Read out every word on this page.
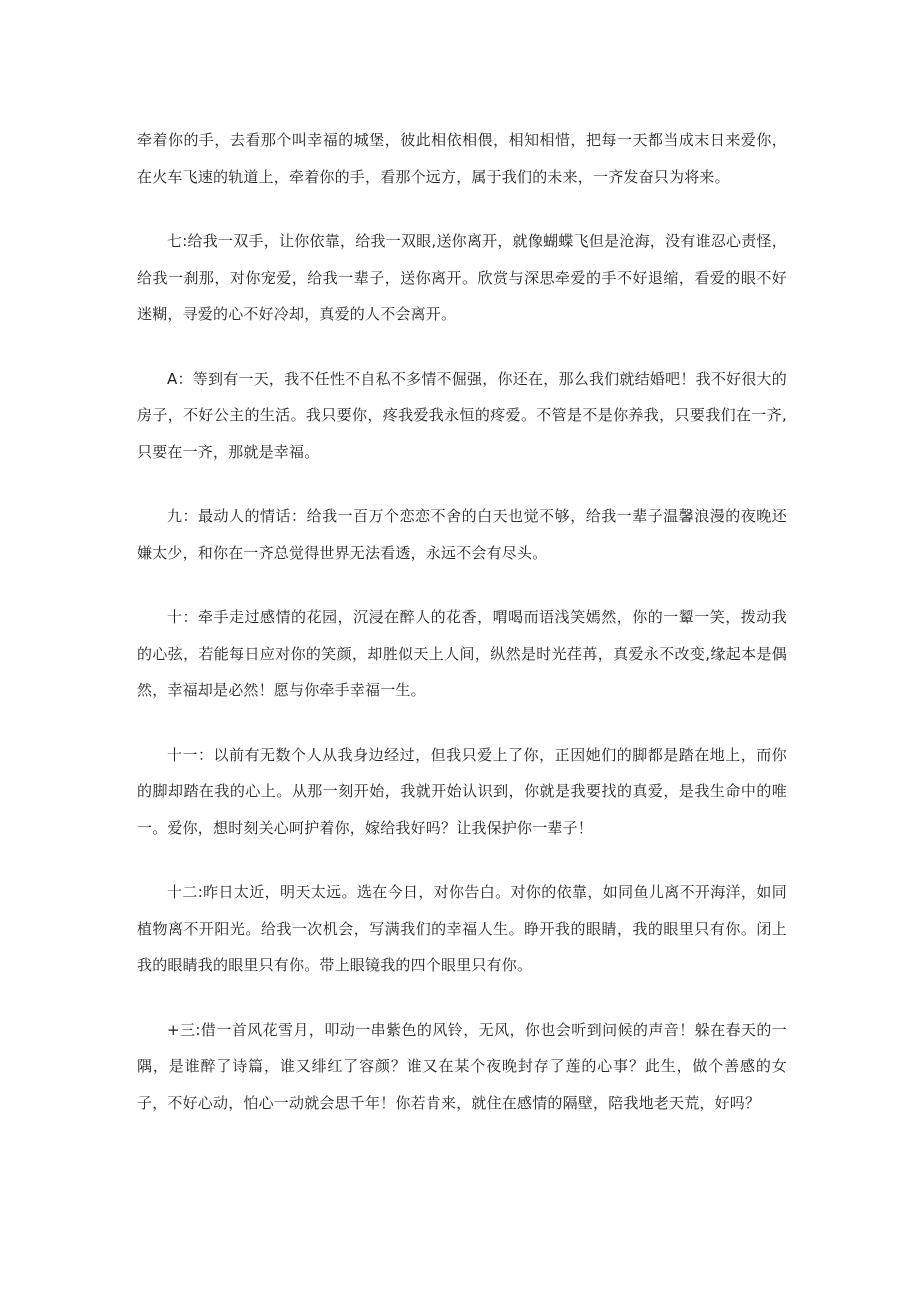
牵着你的手，去看那个叫幸福的城堡，彼此相依相偎，相知相惜，把每一天都当成末日来爱你，在火车飞速的轨道上，牵着你的手，看那个远方，属于我们的未来，一齐发奋只为将来。

七:给我一双手，让你依靠，给我一双眼,送你离开，就像蝴蝶飞但是沧海，没有谁忍心责怪，给我一刹那，对你宠爱，给我一辈子，送你离开。欣赏与深思牵爱的手不好退缩，看爱的眼不好迷糊，寻爱的心不好冷却，真爱的人不会离开。

A：等到有一天，我不任性不自私不多情不倔强，你还在，那么我们就结婚吧！我不好很大的房子，不好公主的生活。我只要你，疼我爱我永恒的疼爱。不管是不是你养我，只要我们在一齐,只要在一齐，那就是幸福。

九：最动人的情话：给我一百万个恋恋不舍的白天也觉不够，给我一辈子温馨浪漫的夜晚还嫌太少，和你在一齐总觉得世界无法看透，永远不会有尽头。

十：牵手走过感情的花园，沉浸在醉人的花香，喟喝而语浅笑嫣然，你的一颦一笑，拨动我的心弦，若能每日应对你的笑颜，却胜似天上人间，纵然是时光荏苒，真爱永不改变,缘起本是偶然，幸福却是必然！愿与你牵手幸福一生。

十一：以前有无数个人从我身边经过，但我只爱上了你，正因她们的脚都是踏在地上，而你的脚却踏在我的心上。从那一刻开始，我就开始认识到，你就是我要找的真爱，是我生命中的唯一。爱你，想时刻关心呵护着你，嫁给我好吗？让我保护你一辈子！

十二:昨日太近，明天太远。选在今日，对你告白。对你的依靠，如同鱼儿离不开海洋，如同植物离不开阳光。给我一次机会，写满我们的幸福人生。睁开我的眼睛，我的眼里只有你。闭上我的眼睛我的眼里只有你。带上眼镜我的四个眼里只有你。

+三:借一首风花雪月，叩动一串紫色的风铃，无风，你也会听到问候的声音！躲在春天的一隅，是谁醉了诗篇，谁又绯红了容颜？谁又在某个夜晚封存了莲的心事？此生，做个善感的女子，不好心动，怕心一动就会思千年！你若肯来，就住在感情的隔壁，陪我地老天荒，好吗？
